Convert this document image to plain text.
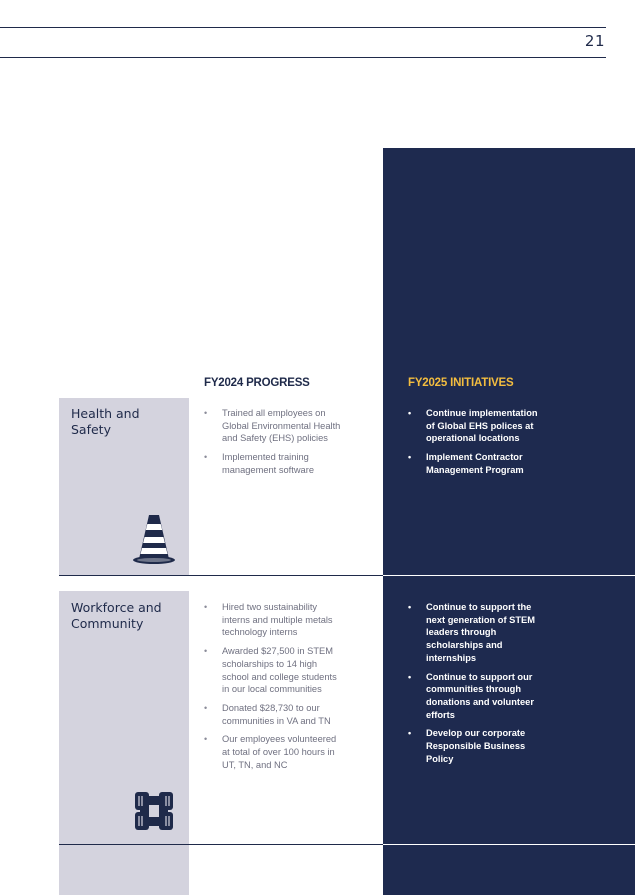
21
FY2024 PROGRESS	FY2025 INITIATIVES
Health and Safety
• Trained all employees on Global Environmental Health and Safety (EHS) policies
• Implemented training management software
• Continue implementation of Global EHS polices at operational locations
• Implement Contractor Management Program
Workforce and Community
• Hired two sustainability interns and multiple metals technology interns
• Awarded $27,500 in STEM scholarships to 14 high school and college students in our local communities
• Donated $28,730 to our communities in VA and TN
• Our employees volunteered at total of over 100 hours in UT, TN, and NC
• Continue to support the next generation of STEM leaders through scholarships and internships
• Continue to support our communities through donations and volunteer efforts
• Develop our corporate Responsible Business Policy
